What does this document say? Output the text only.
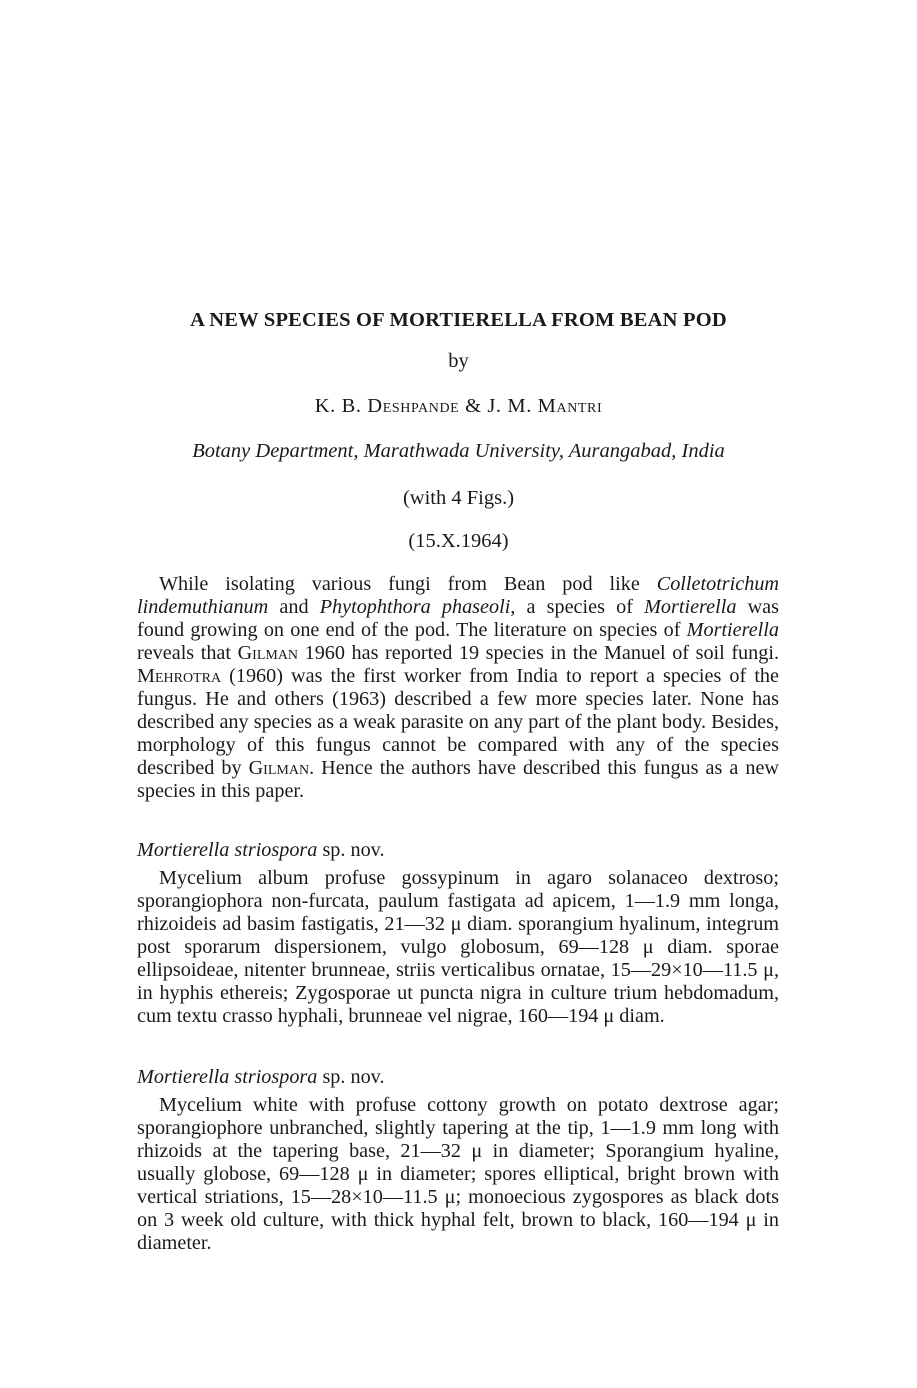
A NEW SPECIES OF MORTIERELLA FROM BEAN POD
by
K. B. Deshpande & J. M. Mantri
Botany Department, Marathwada University, Aurangabad, India
(with 4 Figs.)
(15.X.1964)

While isolating various fungi from Bean pod like Colletotrichum lindemuthianum and Phytophthora phaseoli, a species of Mortierella was found growing on one end of the pod. The literature on species of Mortierella reveals that Gilman 1960 has reported 19 species in the Manuel of soil fungi. Mehrotra (1960) was the first worker from India to report a species of the fungus. He and others (1963) described a few more species later. None has described any species as a weak parasite on any part of the plant body. Besides, morphology of this fungus cannot be compared with any of the species described by Gilman. Hence the authors have described this fungus as a new species in this paper.

Mortierella striospora sp. nov.

Mycelium album profuse gossypinum in agaro solanaceo dextroso; sporangiophora non-furcata, paulum fastigata ad apicem, 1—1.9 mm longa, rhizoideis ad basim fastigatis, 21—32 μ diam. sporangium hyalinum, integrum post sporarum dispersionem, vulgo globosum, 69—128 μ diam. sporae ellipsoideae, nitenter brunneae, striis verticalibus ornatae, 15—29×10—11.5 μ, in hyphis ethereis; Zygosporae ut puncta nigra in culture trium hebdomadum, cum textu crasso hyphali, brunneae vel nigrae, 160—194 μ diam.

Mortierella striospora sp. nov.

Mycelium white with profuse cottony growth on potato dextrose agar; sporangiophore unbranched, slightly tapering at the tip, 1—1.9 mm long with rhizoids at the tapering base, 21—32 μ in diameter; Sporangium hyaline, usually globose, 69—128 μ in diameter; spores elliptical, bright brown with vertical striations, 15—28×10—11.5 μ; monoecious zygospores as black dots on 3 week old culture, with thick hyphal felt, brown to black, 160—194 μ in diameter.
